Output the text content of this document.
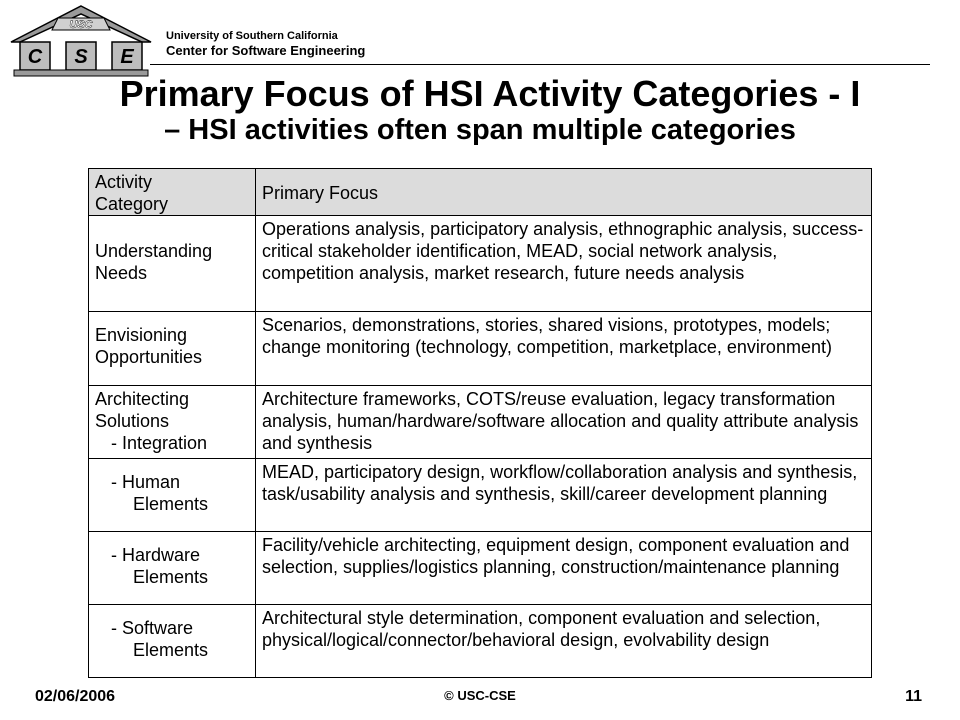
USC
C S E
University of Southern California
Center for Software Engineering
Primary Focus of HSI Activity Categories - I
– HSI activities often span multiple categories
Activity Category	Primary Focus

Understanding
Needs	Operations analysis, participatory analysis, ethnographic analysis, success-critical stakeholder identification, MEAD, social network analysis, competition analysis, market research, future needs analysis

Envisioning
Opportunities	Scenarios, demonstrations, stories, shared visions, prototypes, models; change monitoring (technology, competition, marketplace, environment)

Architecting
Solutions
- Integration	Architecture frameworks, COTS/reuse evaluation, legacy transformation analysis, human/hardware/software allocation and quality attribute analysis and synthesis

- Human
Elements	MEAD, participatory design, workflow/collaboration analysis and synthesis, task/usability analysis and synthesis, skill/career development planning

- Hardware
Elements	Facility/vehicle architecting, equipment design, component evaluation and selection, supplies/logistics planning, construction/maintenance planning

- Software
Elements	Architectural style determination, component evaluation and selection, physical/logical/connector/behavioral design, evolvability design
02/06/2006	© USC-CSE	11
